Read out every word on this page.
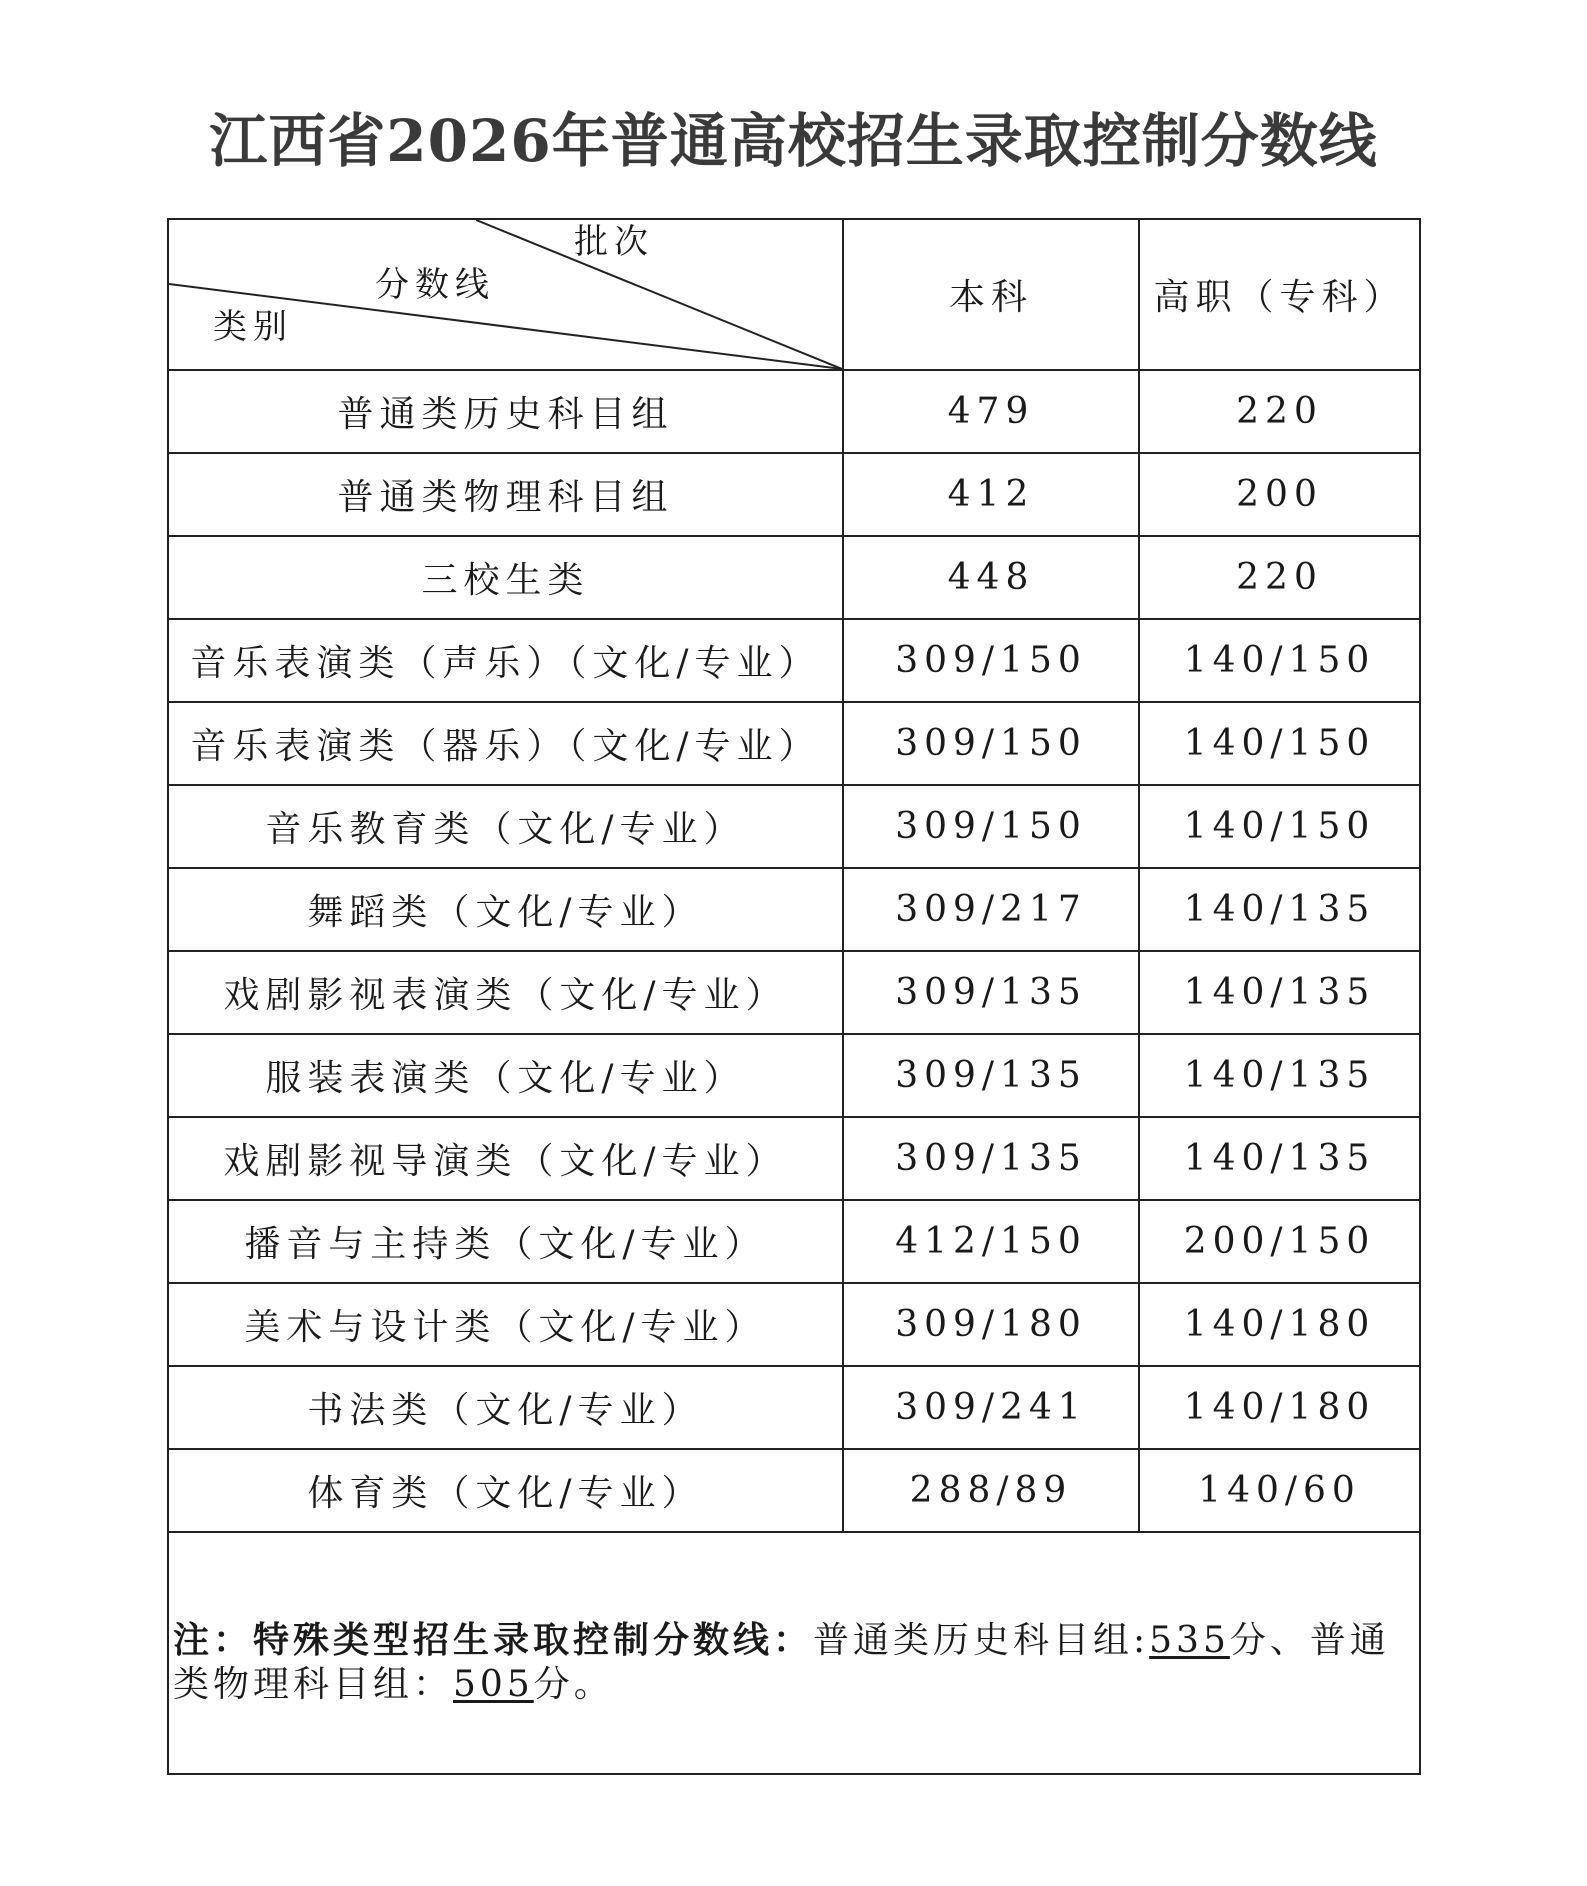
江西省2026年普通高校招生录取控制分数线
批次
分数线
类别	本科	高职（专科）
普通类历史科目组	479	220
普通类物理科目组	412	200
三校生类	448	220
音乐表演类（声乐）（文化/专业）	309/150	140/150
音乐表演类（器乐）（文化/专业）	309/150	140/150
音乐教育类（文化/专业）	309/150	140/150
舞蹈类（文化/专业）	309/217	140/135
戏剧影视表演类（文化/专业）	309/135	140/135
服装表演类（文化/专业）	309/135	140/135
戏剧影视导演类（文化/专业）	309/135	140/135
播音与主持类（文化/专业）	412/150	200/150
美术与设计类（文化/专业）	309/180	140/180
书法类（文化/专业）	309/241	140/180
体育类（文化/专业）	288/89	140/60

注：特殊类型招生录取控制分数线：普通类历史科目组:535分、普通类物理科目组：505分。		
